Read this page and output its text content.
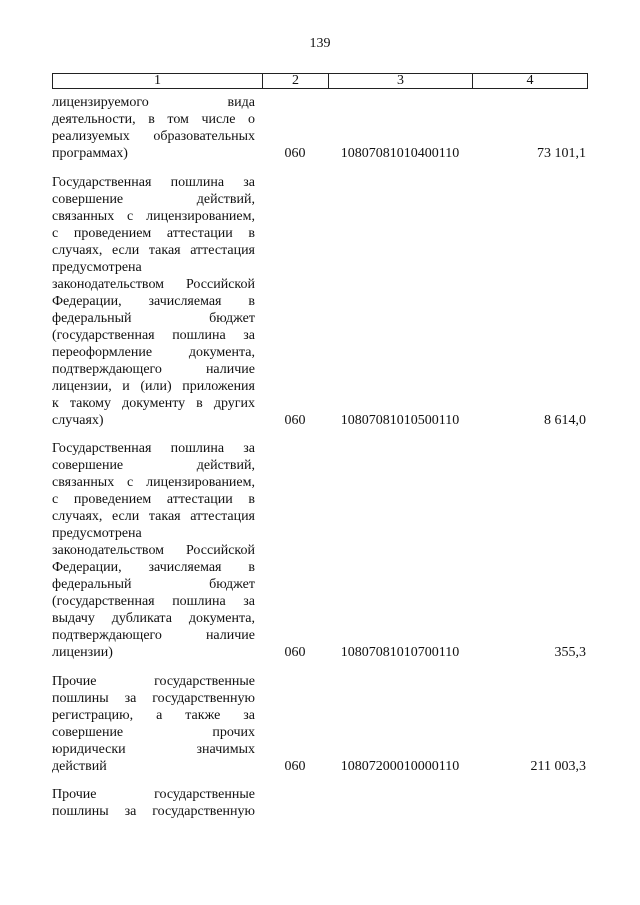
139
1	2	3	4
лицензируемого вида
деятельности, в том числе о
реализуемых образовательных
программах)	060	10807081010400110	73 101,1
Государственная пошлина за
совершение действий,
связанных с лицензированием,
с проведением аттестации в
случаях, если такая аттестация
предусмотрена
законодательством Российской
Федерации, зачисляемая в
федеральный бюджет
(государственная пошлина за
переоформление документа,
подтверждающего наличие
лицензии, и (или) приложения
к такому документу в других
случаях)	060	10807081010500110	8 614,0
Государственная пошлина за
совершение действий,
связанных с лицензированием,
с проведением аттестации в
случаях, если такая аттестация
предусмотрена
законодательством Российской
Федерации, зачисляемая в
федеральный бюджет
(государственная пошлина за
выдачу дубликата документа,
подтверждающего наличие
лицензии)	060	10807081010700110	355,3
Прочие государственные
пошлины за государственную
регистрацию, а также за
совершение прочих
юридически значимых
действий	060	10807200010000110	211 003,3
Прочие государственные
пошлины за государственную
